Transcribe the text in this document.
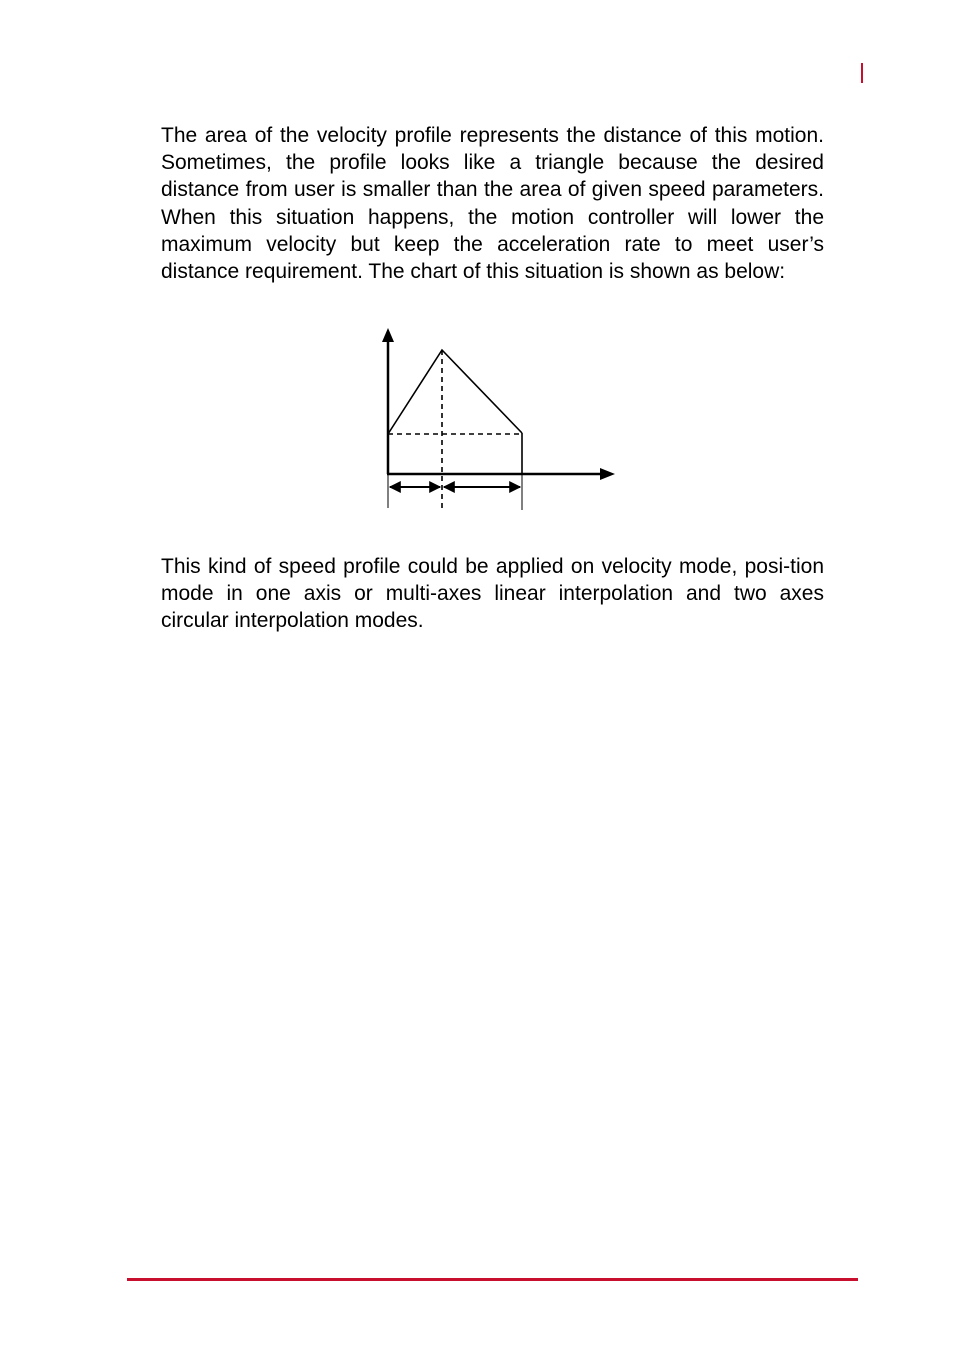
The area of the velocity profile represents the distance of this motion. Sometimes, the profile looks like a triangle because the desired distance from user is smaller than the area of given speed parameters. When this situation happens, the motion controller will lower the maximum velocity but keep the acceleration rate to meet user’s distance requirement. The chart of this situation is shown as below:

This kind of speed profile could be applied on velocity mode, posi-tion mode in one axis or multi-axes linear interpolation and two axes circular interpolation modes.
